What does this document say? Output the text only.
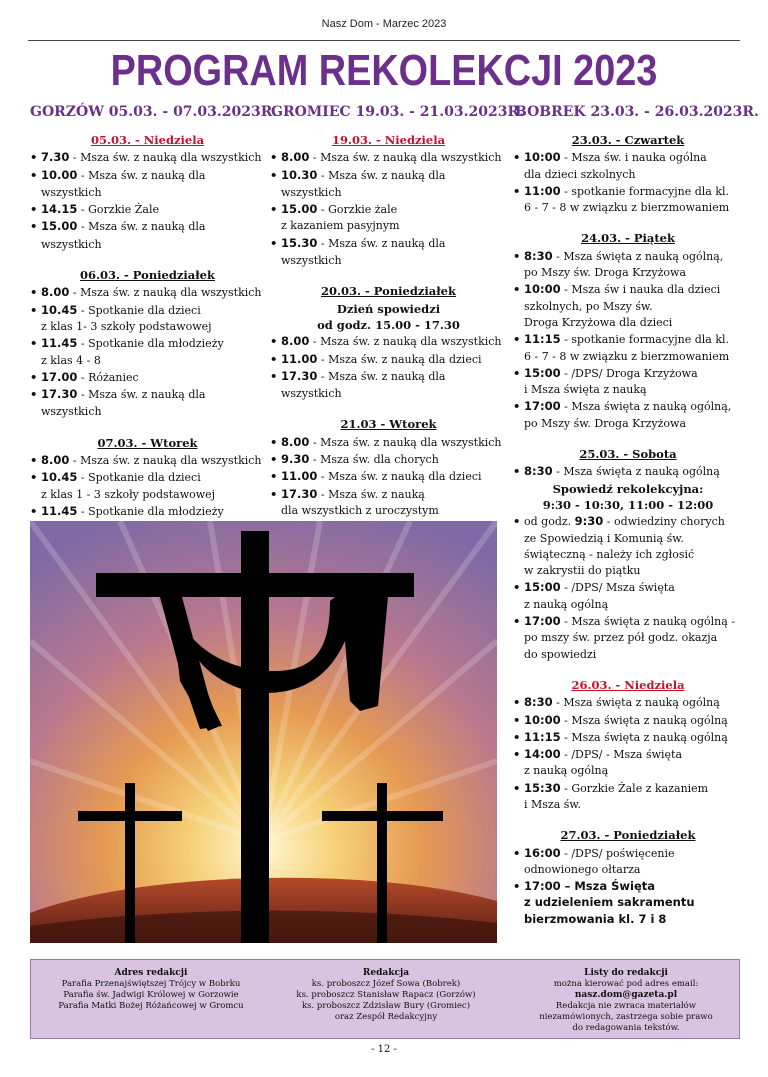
Nasz Dom - Marzec 2023
PROGRAM REKOLEKCJI 2023
GORZÓW 05.03. - 07.03.2023R.
GROMIEC 19.03. - 21.03.2023R.
BOBREK 23.03. - 26.03.2023R.
05.03. - Niedziela
• 7.30 - Msza św. z nauką dla wszystkich
• 10.00 - Msza św. z nauką dla wszystkich
• 14.15 - Gorzkie Żale
• 15.00 - Msza św. z nauką dla wszystkich
06.03. - Poniedziałek
• 8.00 - Msza św. z nauką dla wszystkich
• 10.45 - Spotkanie dla dzieci
z klas 1- 3 szkoły podstawowej
• 11.45 - Spotkanie dla młodzieży
z klas 4 - 8
• 17.00 - Różaniec
• 17.30 - Msza św. z nauką dla wszystkich
07.03. - Wtorek
• 8.00 - Msza św. z nauką dla wszystkich
• 10.45 - Spotkanie dla dzieci
z klas 1 - 3 szkoły podstawowej
• 11.45 - Spotkanie dla młodzieży
•
•
19.03. - Niedziela
• 8.00 - Msza św. z nauką dla wszystkich
• 10.30 - Msza św. z nauką dla wszystkich
• 15.00 - Gorzkie żale
z kazaniem pasyjnym
• 15.30 - Msza św. z nauką dla wszystkich
20.03. - Poniedziałek
Dzień spowiedzi
od godz. 15.00 - 17.30
• 8.00 - Msza św. z nauką dla wszystkich
• 11.00 - Msza św. z nauką dla dzieci
• 17.30 - Msza św. z nauką dla wszystkich
21.03 - Wtorek
• 8.00 - Msza św. z nauką dla wszystkich
• 9.30 - Msza św. dla chorych
• 11.00 - Msza św. z nauką dla dzieci
• 17.30 - Msza św. z nauką
dla wszystkich z uroczystym
23.03. - Czwartek
• 10:00 - Msza św. i nauka ogólna
dla dzieci szkolnych
• 11:00 - spotkanie formacyjne dla kl.
6 - 7 - 8 w związku z bierzmowaniem
24.03. - Piątek
• 8:30 - Msza święta z nauką ogólną,
po Mszy św. Droga Krzyżowa
• 10:00 - Msza św i nauka dla dzieci
szkolnych, po Mszy św.
Droga Krzyżowa dla dzieci
• 11:15 - spotkanie formacyjne dla kl.
6 - 7 - 8 w związku z bierzmowaniem
• 15:00 - /DPS/ Droga Krzyżowa
i Msza święta z nauką
• 17:00 - Msza święta z nauką ogólną,
po Mszy św. Droga Krzyżowa
25.03. - Sobota
• 8:30 - Msza święta z nauką ogólną
Spowiedź rekolekcyjna:
9:30 - 10:30, 11:00 - 12:00
• od godz. 9:30 - odwiedziny chorych
ze Spowiedzią i Komunią św.
świąteczną - należy ich zgłosić
w zakrystii do piątku
• 15:00 - /DPS/ Msza święta
z nauką ogólną
• 17:00 - Msza święta z nauką ogólną -
po mszy św. przez pół godz. okazja
do spowiedzi
26.03. - Niedziela
• 8:30 - Msza święta z nauką ogólną
• 10:00 - Msza święta z nauką ogólną
• 11:15 - Msza święta z nauką ogólną
• 14:00 - /DPS/ - Msza święta
z nauką ogólną
• 15:30 - Gorzkie Żale z kazaniem
i Msza św.
27.03. - Poniedziałek
• 16:00 - /DPS/ poświęcenie
odnowionego ołtarza
• 17:00 – Msza Święta
z udzieleniem sakramentu
bierzmowania kl. 7 i 8
Adres redakcji
Parafia Przenajświętszej Trójcy w Bobrku
Parafia św. Jadwigi Królowej w Gorzowie
Parafia Matki Bożej Różańcowej w Gromcu
Redakcja
ks. proboszcz Józef Sowa (Bobrek)
ks. proboszcz Stanisław Rapacz (Gorzów)
ks. proboszcz Zdzisław Bury (Gromiec)
oraz Zespół Redakcyjny
Listy do redakcji
można kierować pod adres email:
nasz.dom@gazeta.pl
Redakcja nie zwraca materiałów
niezamówionych, zastrzega sobie prawo
do redagowania tekstów.
- 12 -
